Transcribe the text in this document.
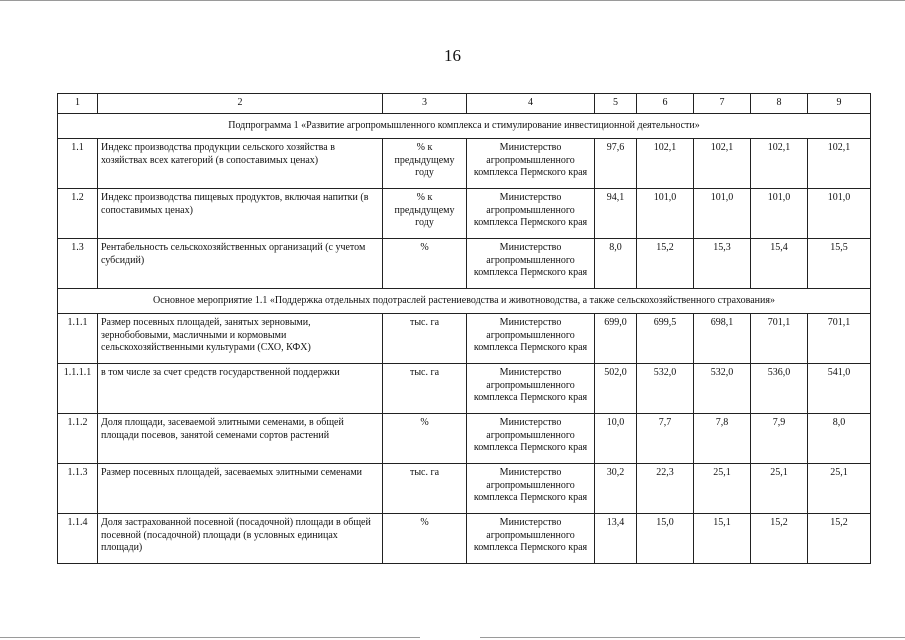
16
1	2	3	4	5	6	7	8	9
Подпрограмма 1 «Развитие агропромышленного комплекса и стимулирование инвестиционной деятельности»								
1.1	Индекс производства продукции сельского хозяйства в хозяйствах всех категорий (в сопоставимых ценах)	% к предыдущему году	Министерство агропромышленного комплекса Пермского края	97,6	102,1	102,1	102,1	102,1
1.2	Индекс производства пищевых продуктов, включая напитки (в сопоставимых ценах)	% к предыдущему году	Министерство агропромышленного комплекса Пермского края	94,1	101,0	101,0	101,0	101,0
1.3	Рентабельность сельскохозяйственных организаций (с учетом субсидий)	%	Министерство агропромышленного комплекса Пермского края	8,0	15,2	15,3	15,4	15,5
Основное мероприятие 1.1 «Поддержка отдельных подотраслей растениеводства и животноводства, а также сельскохозяйственного страхования»								
1.1.1	Размер посевных площадей, занятых зерновыми, зернобобовыми, масличными и кормовыми сельскохозяйственными культурами (СХО, КФХ)	тыс. га	Министерство агропромышленного комплекса Пермского края	699,0	699,5	698,1	701,1	701,1
1.1.1.1	в том числе за счет средств государственной поддержки	тыс. га	Министерство агропромышленного комплекса Пермского края	502,0	532,0	532,0	536,0	541,0
1.1.2	Доля площади, засеваемой элитными семенами, в общей площади посевов, занятой семенами сортов растений	%	Министерство агропромышленного комплекса Пермского края	10,0	7,7	7,8	7,9	8,0
1.1.3	Размер посевных площадей, засеваемых элитными семенами	тыс. га	Министерство агропромышленного комплекса Пермского края	30,2	22,3	25,1	25,1	25,1
1.1.4	Доля застрахованной посевной (посадочной) площади в общей посевной (посадочной) площади (в условных единицах площади)	%	Министерство агропромышленного комплекса Пермского края	13,4	15,0	15,1	15,2	15,2
